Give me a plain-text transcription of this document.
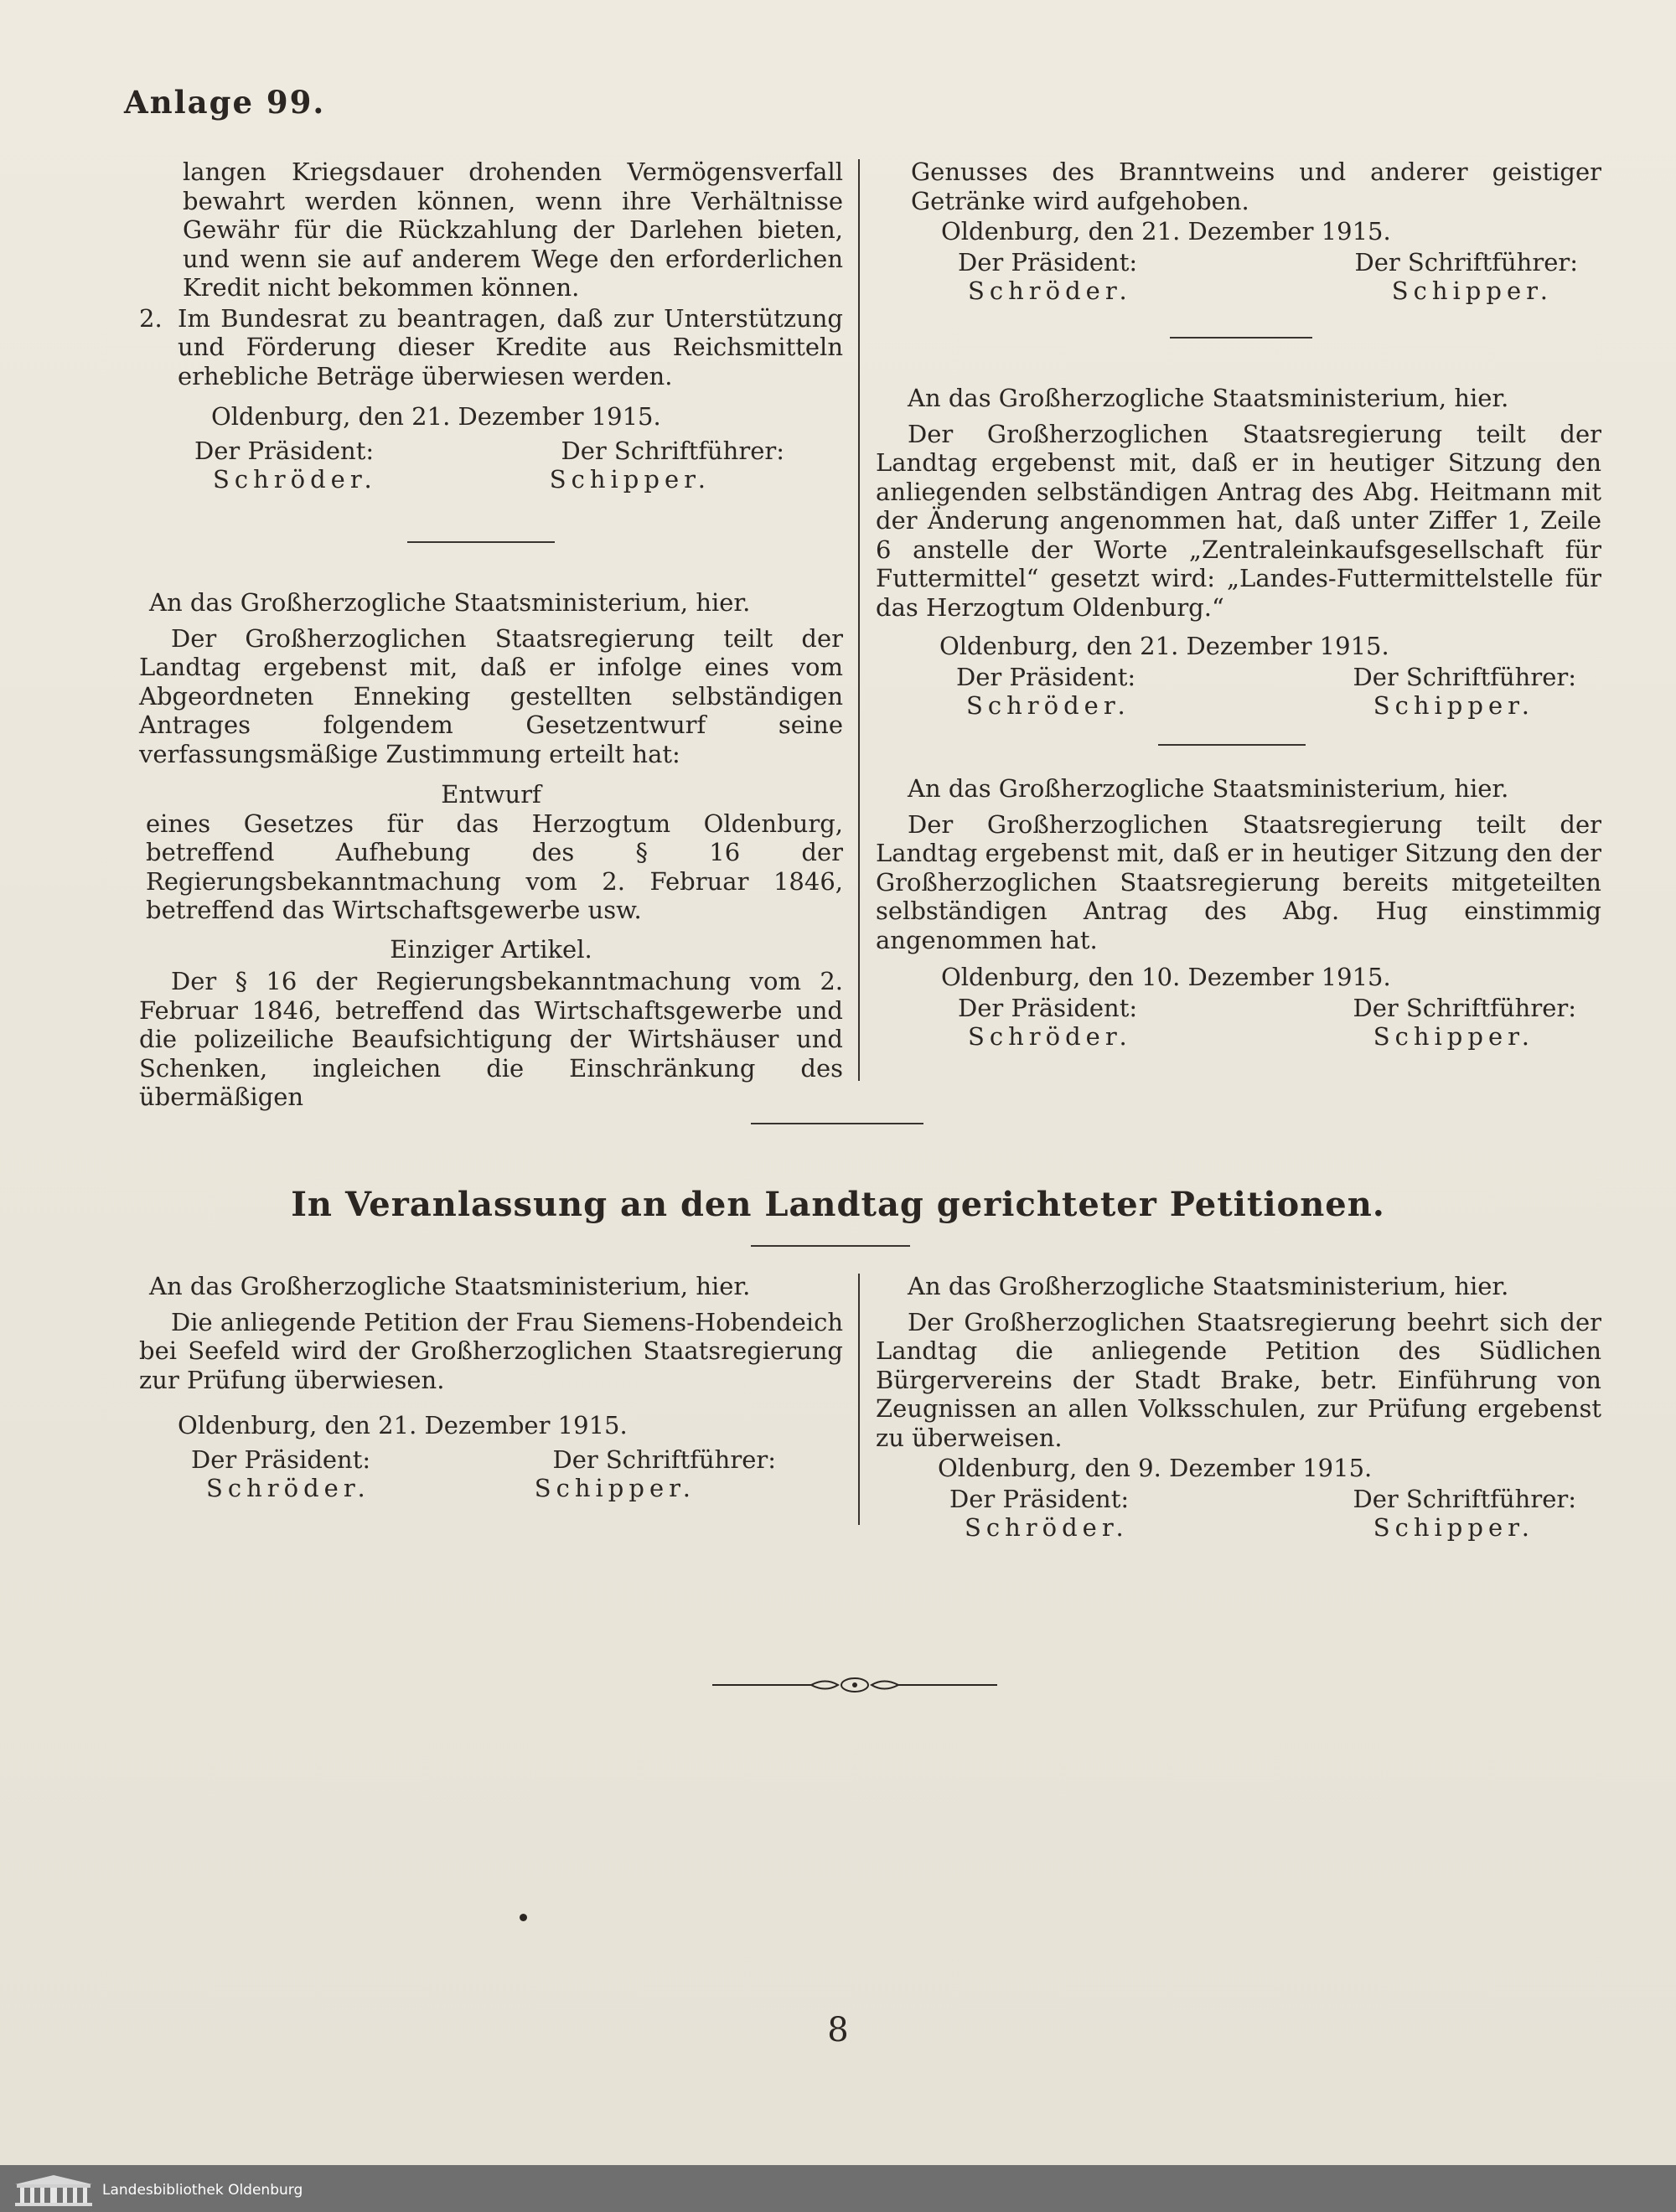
Anlage 99.

langen Kriegsdauer drohenden Vermögensverfall bewahrt werden können, wenn ihre Verhältnisse Gewähr für die Rückzahlung der Darlehen bieten, und wenn sie auf anderem Wege den erforderlichen Kredit nicht bekommen können.

2. Im Bundesrat zu beantragen, daß zur Unterstützung und Förderung dieser Kredite aus Reichsmitteln erhebliche Beträge überwiesen werden.

Oldenburg, den 21. Dezember 1915.

Der Präsident:	Der Schriftführer:
Schröder.	Schipper.

An das Großherzogliche Staatsministerium, hier.

Der Großherzoglichen Staatsregierung teilt der Landtag ergebenst mit, daß er infolge eines vom Abgeordneten Enneking gestellten selbständigen Antrages folgendem Gesetzentwurf seine verfassungsmäßige Zustimmung erteilt hat:

Entwurf

eines Gesetzes für das Herzogtum Oldenburg, betreffend Aufhebung des § 16 der Regierungsbekanntmachung vom 2. Februar 1846, betreffend das Wirtschaftsgewerbe usw.

Einziger Artikel.

Der § 16 der Regierungsbekanntmachung vom 2. Februar 1846, betreffend das Wirtschaftsgewerbe und die polizeiliche Beaufsichtigung der Wirtshäuser und Schenken, ingleichen die Einschränkung des übermäßigen

Genusses des Branntweins und anderer geistiger Getränke wird aufgehoben.

Oldenburg, den 21. Dezember 1915.

Der Präsident:	Der Schriftführer:
Schröder.	Schipper.

An das Großherzogliche Staatsministerium, hier.

Der Großherzoglichen Staatsregierung teilt der Landtag ergebenst mit, daß er in heutiger Sitzung den anliegenden selbständigen Antrag des Abg. Heitmann mit der Änderung angenommen hat, daß unter Ziffer 1, Zeile 6 anstelle der Worte „Zentraleinkaufsgesellschaft für Futtermittel“ gesetzt wird: „Landes-Futtermittelstelle für das Herzogtum Oldenburg.“

Oldenburg, den 21. Dezember 1915.

Der Präsident:	Der Schriftführer:
Schröder.	Schipper.

An das Großherzogliche Staatsministerium, hier.

Der Großherzoglichen Staatsregierung teilt der Landtag ergebenst mit, daß er in heutiger Sitzung den der Großherzoglichen Staatsregierung bereits mitgeteilten selbständigen Antrag des Abg. Hug einstimmig angenommen hat.

Oldenburg, den 10. Dezember 1915.

Der Präsident:	Der Schriftführer:
Schröder.	Schipper.
In Veranlassung an den Landtag gerichteter Petitionen.

An das Großherzogliche Staatsministerium, hier.

Die anliegende Petition der Frau Siemens-Hobendeich bei Seefeld wird der Großherzoglichen Staatsregierung zur Prüfung überwiesen.

Oldenburg, den 21. Dezember 1915.

Der Präsident:	Der Schriftführer:
Schröder.	Schipper.

An das Großherzogliche Staatsministerium, hier.

Der Großherzoglichen Staatsregierung beehrt sich der Landtag die anliegende Petition des Südlichen Bürgervereins der Stadt Brake, betr. Einführung von Zeugnissen an allen Volksschulen, zur Prüfung ergebenst zu überweisen.

Oldenburg, den 9. Dezember 1915.

Der Präsident:	Der Schriftführer:
Schröder.	Schipper.
8
Landesbibliothek Oldenburg
